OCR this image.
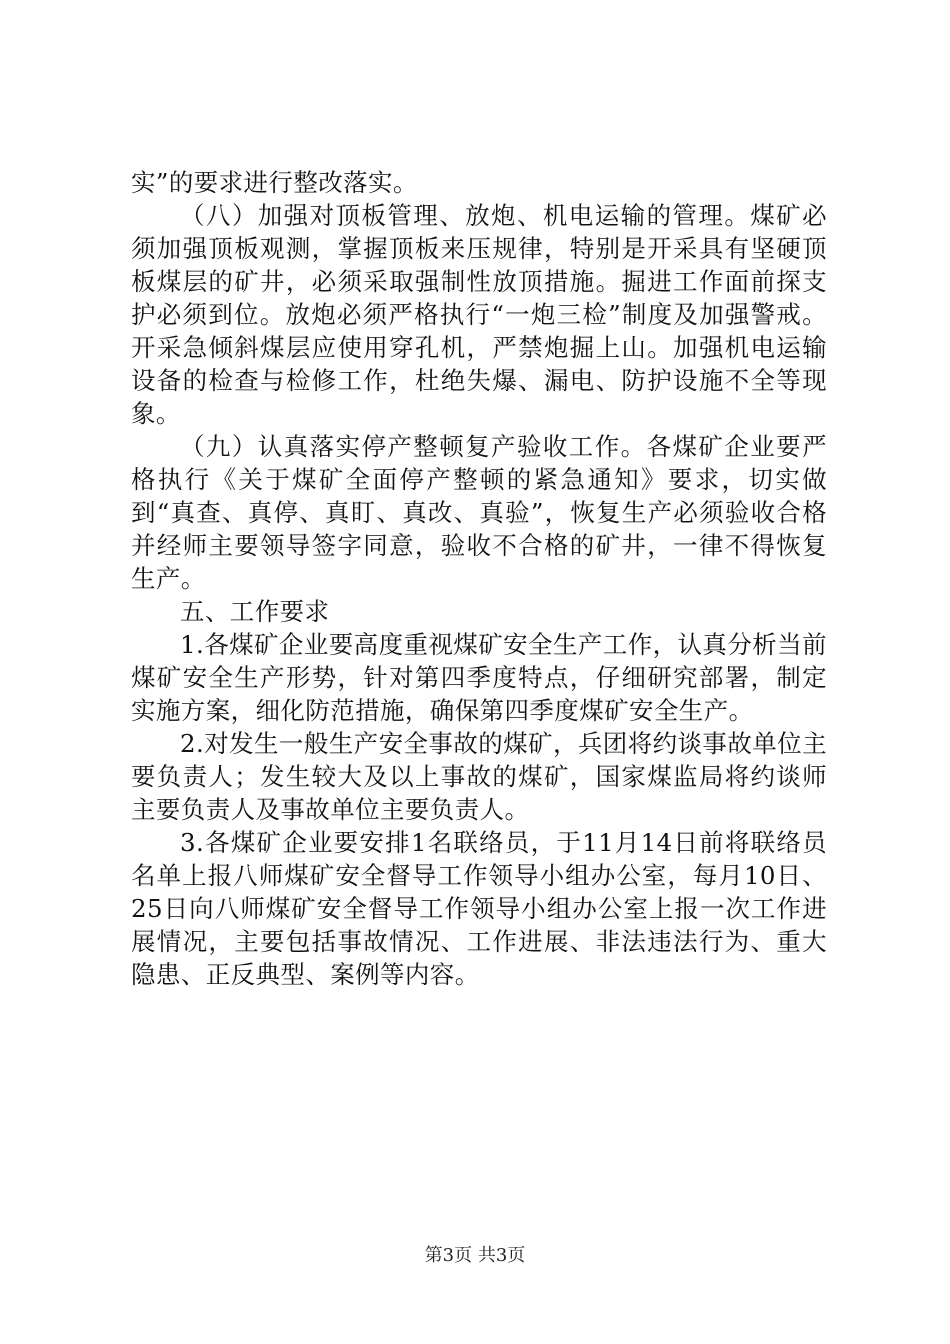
实”的要求进行整改落实。

（八）加强对顶板管理、放炮、机电运输的管理。煤矿必须加强顶板观测，掌握顶板来压规律，特别是开采具有坚硬顶板煤层的矿井，必须采取强制性放顶措施。掘进工作面前探支护必须到位。放炮必须严格执行“一炮三检”制度及加强警戒。开采急倾斜煤层应使用穿孔机，严禁炮掘上山。加强机电运输设备的检查与检修工作，杜绝失爆、漏电、防护设施不全等现象。

（九）认真落实停产整顿复产验收工作。各煤矿企业要严格执行《关于煤矿全面停产整顿的紧急通知》要求，切实做到“真查、真停、真盯、真改、真验”，恢复生产必须验收合格并经师主要领导签字同意，验收不合格的矿井，一律不得恢复生产。

五、工作要求

1.各煤矿企业要高度重视煤矿安全生产工作，认真分析当前煤矿安全生产形势，针对第四季度特点，仔细研究部署，制定实施方案，细化防范措施，确保第四季度煤矿安全生产。

2.对发生一般生产安全事故的煤矿，兵团将约谈事故单位主要负责人；发生较大及以上事故的煤矿，国家煤监局将约谈师主要负责人及事故单位主要负责人。

3.各煤矿企业要安排1名联络员，于11月14日前将联络员名单上报八师煤矿安全督导工作领导小组办公室，每月10日、25日向八师煤矿安全督导工作领导小组办公室上报一次工作进展情况，主要包括事故情况、工作进展、非法违法行为、重大隐患、正反典型、案例等内容。

第3页 共3页
